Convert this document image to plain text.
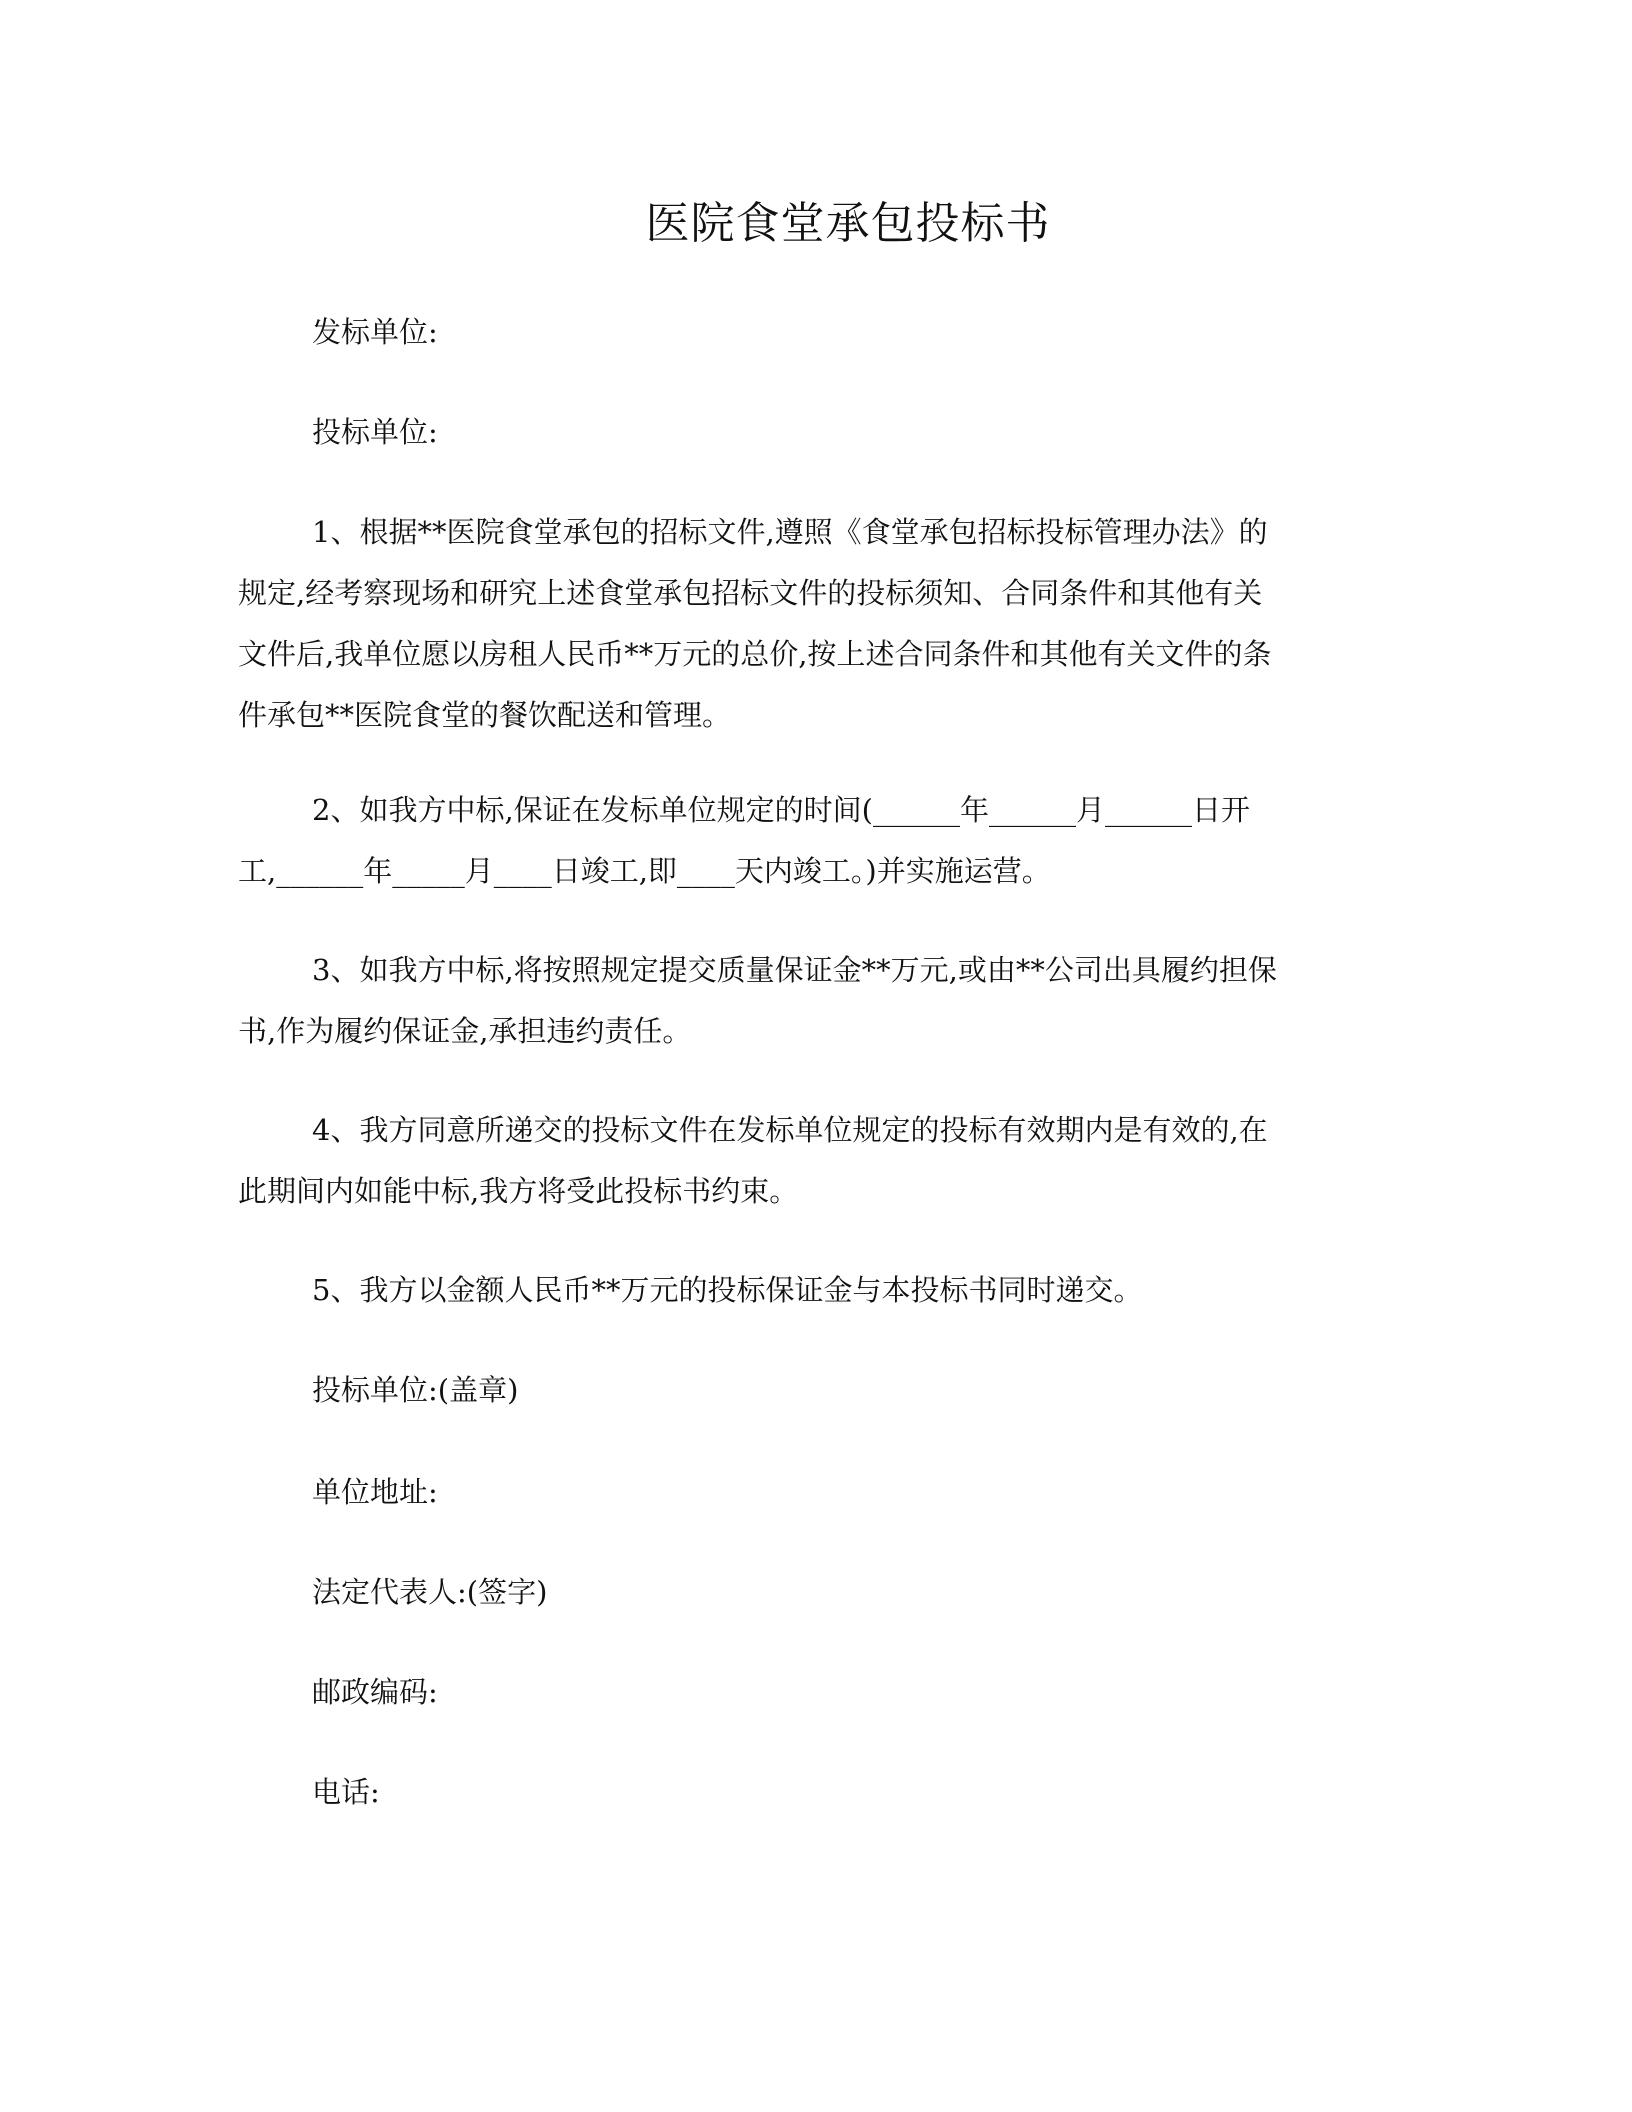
医院食堂承包投标书
发标单位:
投标单位:
1、根据**医院食堂承包的招标文件,遵照《食堂承包招标投标管理办法》的
规定,经考察现场和研究上述食堂承包招标文件的投标须知、合同条件和其他有关
文件后,我单位愿以房租人民币**万元的总价,按上述合同条件和其他有关文件的条
件承包**医院食堂的餐饮配送和管理。
2、如我方中标,保证在发标单位规定的时间(______年______月______日开
工,______年_____月____日竣工,即____天内竣工。)并实施运营。
3、如我方中标,将按照规定提交质量保证金**万元,或由**公司出具履约担保
书,作为履约保证金,承担违约责任。
4、我方同意所递交的投标文件在发标单位规定的投标有效期内是有效的,在
此期间内如能中标,我方将受此投标书约束。
5、我方以金额人民币**万元的投标保证金与本投标书同时递交。
投标单位:(盖章)
单位地址:
法定代表人:(签字)
邮政编码:
电话:
